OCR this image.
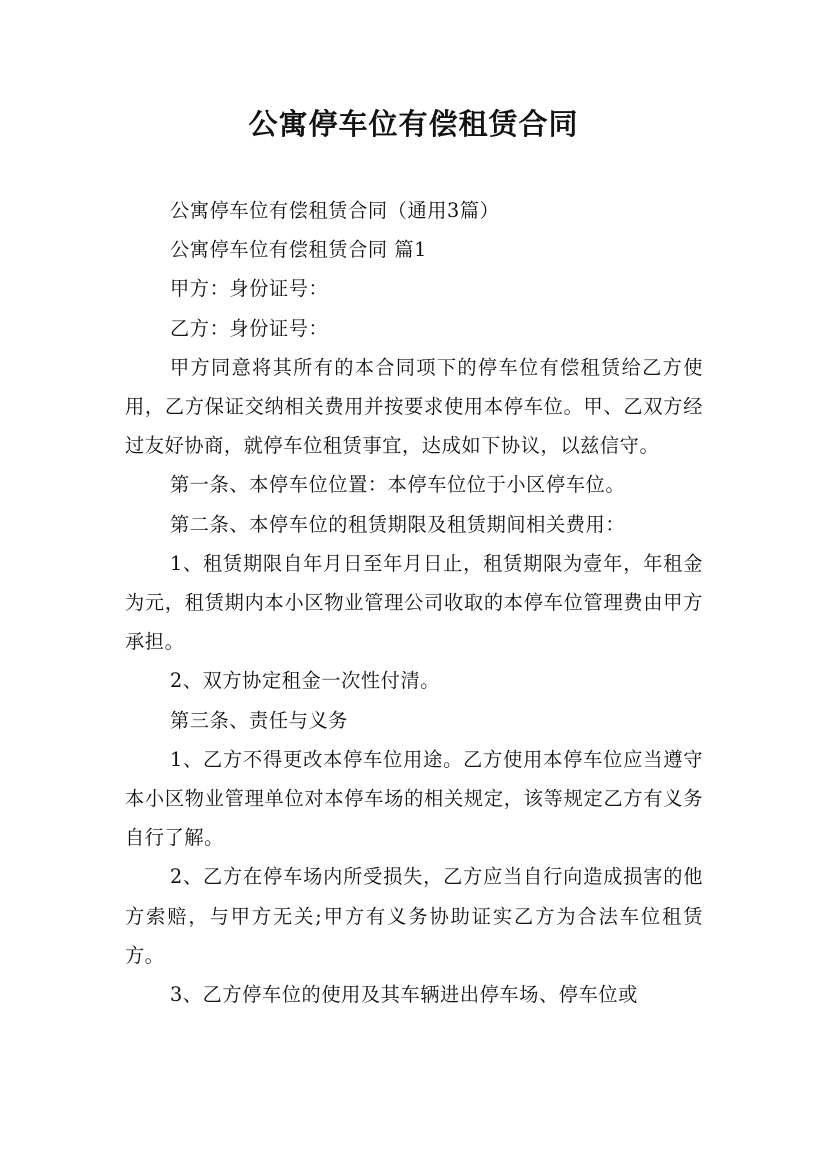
公寓停车位有偿租赁合同

公寓停车位有偿租赁合同（通用3篇）

公寓停车位有偿租赁合同 篇1

甲方：身份证号：

乙方：身份证号：

甲方同意将其所有的本合同项下的停车位有偿租赁给乙方使用，乙方保证交纳相关费用并按要求使用本停车位。甲、乙双方经过友好协商，就停车位租赁事宜，达成如下协议，以兹信守。

第一条、本停车位位置：本停车位位于小区停车位。

第二条、本停车位的租赁期限及租赁期间相关费用：

1、租赁期限自年月日至年月日止，租赁期限为壹年，年租金为元，租赁期内本小区物业管理公司收取的本停车位管理费由甲方承担。

2、双方协定租金一次性付清。

第三条、责任与义务

1、乙方不得更改本停车位用途。乙方使用本停车位应当遵守本小区物业管理单位对本停车场的相关规定，该等规定乙方有义务自行了解。

2、乙方在停车场内所受损失，乙方应当自行向造成损害的他方索赔，与甲方无关;甲方有义务协助证实乙方为合法车位租赁方。

3、乙方停车位的使用及其车辆进出停车场、停车位或
